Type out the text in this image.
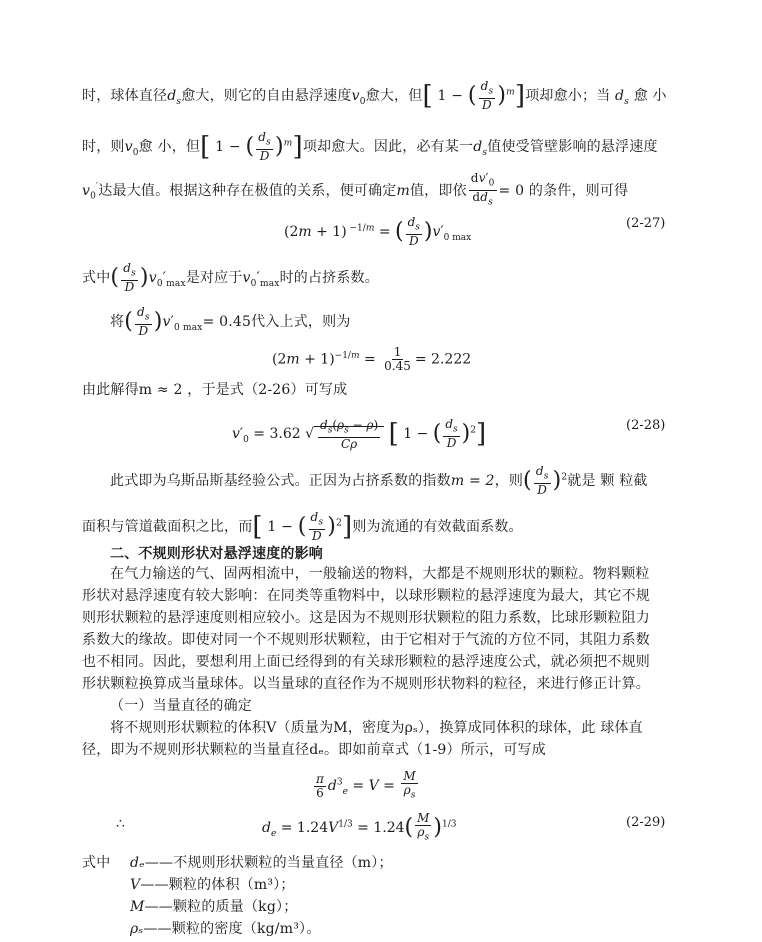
时，球体直径$d_s$愈大，则它的自由悬浮速度$v_0$愈大，但[ 1 − ( $\frac{d_s}{D} )^m$]项却愈小；当 $d_s$ 愈 小
时，则$v_0$愈 小，但[ 1 − ( $\frac{d_s}{D} )^m$]项却愈大。因此，必有某一$d_s$值使受管壁影响的悬浮速度
$v_0'$达最大值。根据这种存在极值的关系，便可确定m值，即依 $\frac{dv'_0}{dd_s} = 0$ 的条件，则可得
(2m + 1) $^{-1/m}$ = ( $\frac{d_s}{D} )v'_{0 max}$
(2-27)
式中( $\frac{d_s}{D} )v_0'_{max}$是对应于$v_0'_{max}$时的占挤系数。
将( $\frac{d_s}{D} )v'_{0 max}= 0.45$代入上式，则为
$(2m + 1)^{-1/m} = \frac{1}{0.45} = 2.222$
由此解得m ≈ 2 ，于是式（2-26）可写成
$v'_0 = 3.62$ √ $\frac{d_s(\rho_s - \rho)}{C\rho}$ [ 1 − ( $\frac{d_s}{D} )^2$]	(2-28)
此式即为乌斯品斯基经验公式。正因为占挤系数的指数m = 2，则( $\frac{d_s}{D} )^2$就是 颗 粒截
面积与管道截面积之比，而[ 1 − ( $\frac{d_s}{D} )^2$]则为流通的有效截面系数。
二、不规则形状对悬浮速度的影响
在气力输送的气、固两相流中，一般输送的物料，大都是不规则形状的颗粒。物料颗粒
形状对悬浮速度有较大影响：在同类等重物料中，以球形颗粒的悬浮速度为最大，其它不规
则形状颗粒的悬浮速度则相应较小。这是因为不规则形状颗粒的阻力系数，比球形颗粒阻力
系数大的缘故。即使对同一个不规则形状颗粒，由于它相对于气流的方位不同，其阻力系数
也不相同。因此，要想利用上面已经得到的有关球形颗粒的悬浮速度公式，就必须把不规则
形状颗粒换算成当量球体。以当量球的直径作为不规则形状物料的粒径，来进行修正计算。
（一）当量直径的确定
将不规则形状颗粒的体积V（质量为M，密度为ρₛ），换算成同体积的球体，此 球体直
径，即为不规则形状颗粒的当量直径dₑ。即如前章式（1-9）所示，可写成
$\frac{\pi}{6} d^3_e = V = \frac{M}{\rho_s}$
∴	$d_e = 1.24V^{1/3} = 1.24( \frac{M}{\rho_s} )^{1/3}$	(2-29)
式中 dₑ——不规则形状颗粒的当量直径（m）；
V——颗粒的体积（m³）；
M——颗粒的质量（kg）；
ρₛ——颗粒的密度（kg/m³）。
